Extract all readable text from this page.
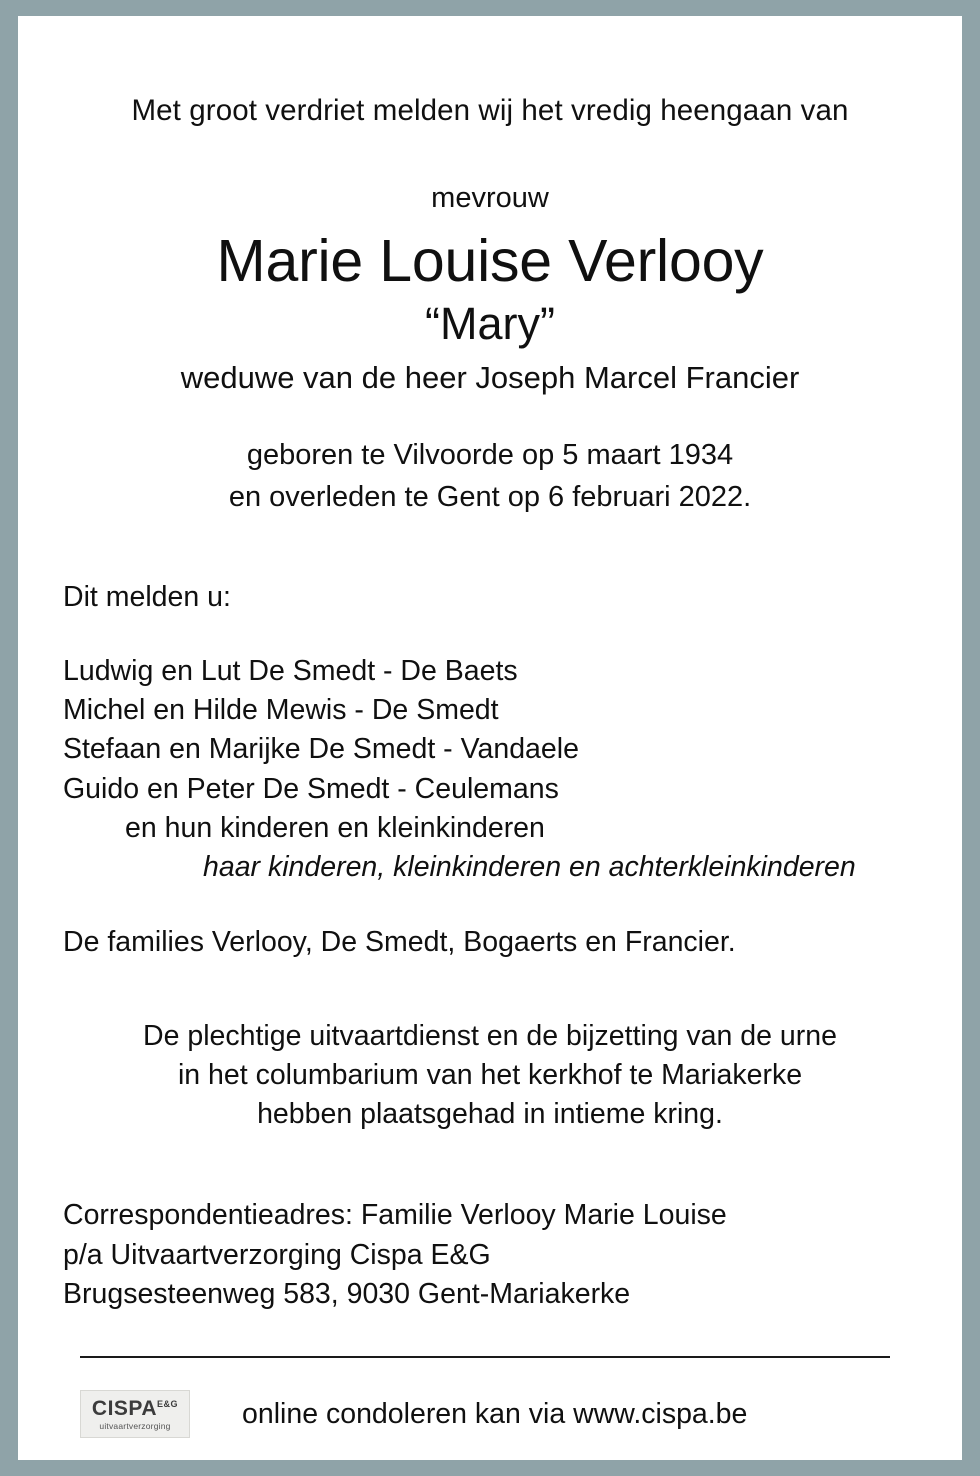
Met groot verdriet melden wij het vredig heengaan van
mevrouw
Marie Louise Verlooy
“Mary”
weduwe van de heer Joseph Marcel Francier
geboren te Vilvoorde op 5 maart 1934
en overleden te Gent op 6 februari 2022.
Dit melden u:
Ludwig en Lut De Smedt - De Baets
Michel en Hilde Mewis - De Smedt
Stefaan en Marijke De Smedt - Vandaele
Guido en Peter De Smedt - Ceulemans
en hun kinderen en kleinkinderen
haar kinderen, kleinkinderen en achterkleinkinderen
De families Verlooy, De Smedt, Bogaerts en Francier.
De plechtige uitvaartdienst en de bijzetting van de urne
in het columbarium van het kerkhof te Mariakerke
hebben plaatsgehad in intieme kring.
Correspondentieadres: Familie Verlooy Marie Louise
p/a Uitvaartverzorging Cispa E&G
Brugsesteenweg 583, 9030 Gent-Mariakerke
$CISPA^{E\&G}$
uitvaartverzorging	online condoleren kan via www.cispa.be
